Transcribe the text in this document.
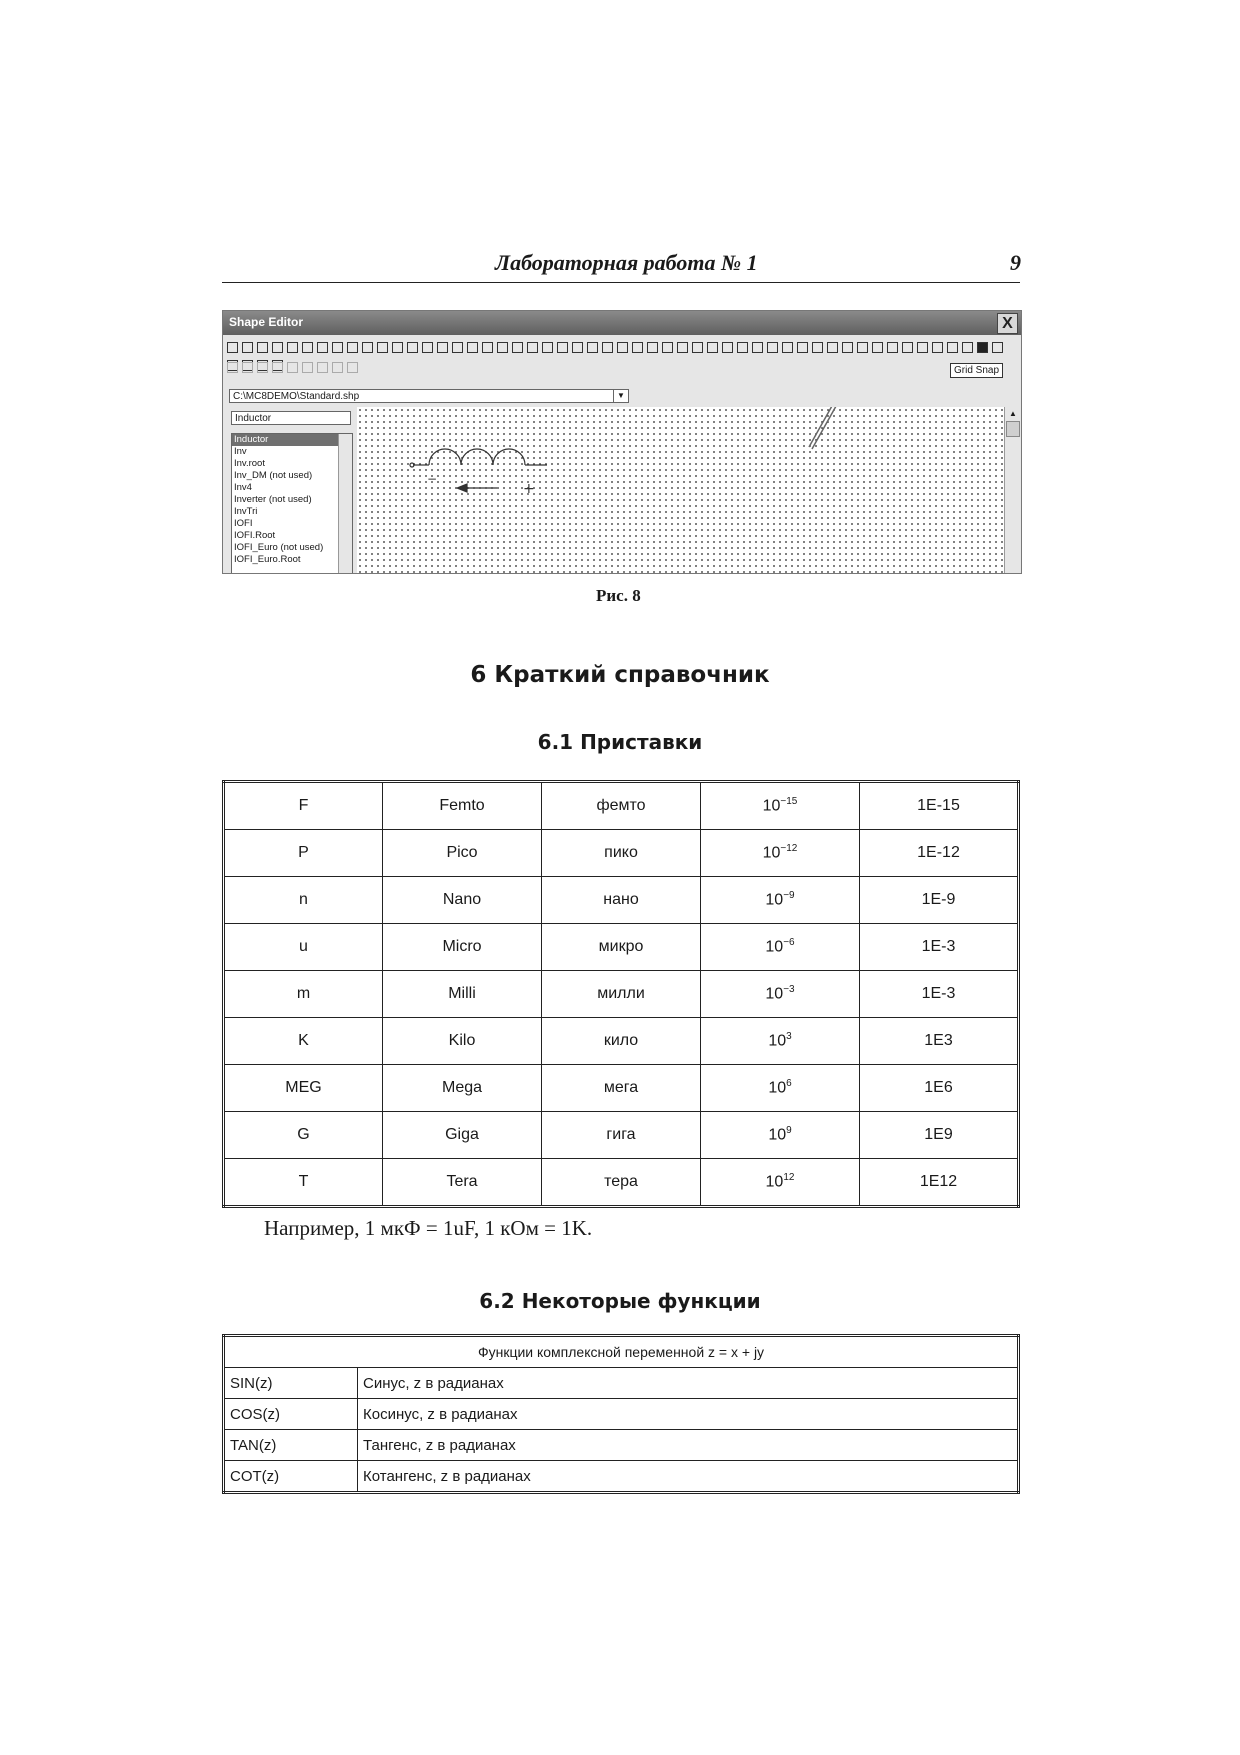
Лабораторная работа № 1	9
Shape Editor	X
Grid Snap
C:\MC8DEMO\Standard.shp	▼
Inductor
Inductor
Inv
Inv.root
Inv_DM (not used)
Inv4
Inverter (not used)
InvTri
IOFI
IOFI.Root
IOFI_Euro (not used)
IOFI_Euro.Root
−
+
▲
Рис. 8
6 Краткий справочник
6.1 Приставки
F	Femto	фемто	$10^{-15}$	1E-15
P	Pico	пико	$10^{-12}$	1E-12
n	Nano	нано	$10^{-9}$	1E-9
u	Micro	микро	$10^{-6}$	1E-3
m	Milli	милли	$10^{-3}$	1E-3
K	Kilo	кило	$10^3$	1E3
MEG	Mega	мега	$10^6$	1E6
G	Giga	гига	$10^9$	1E9
T	Tera	тера	$10^{12}$	1E12
Например, 1 мкФ = 1uF, 1 кОм = 1K.
6.2 Некоторые функции
Функции комплексной переменной z = x + jy	
SIN(z)	Синус, z в радианах
COS(z)	Косинус, z в радианах
TAN(z)	Тангенс, z в радианах
COT(z)	Котангенс, z в радианах
